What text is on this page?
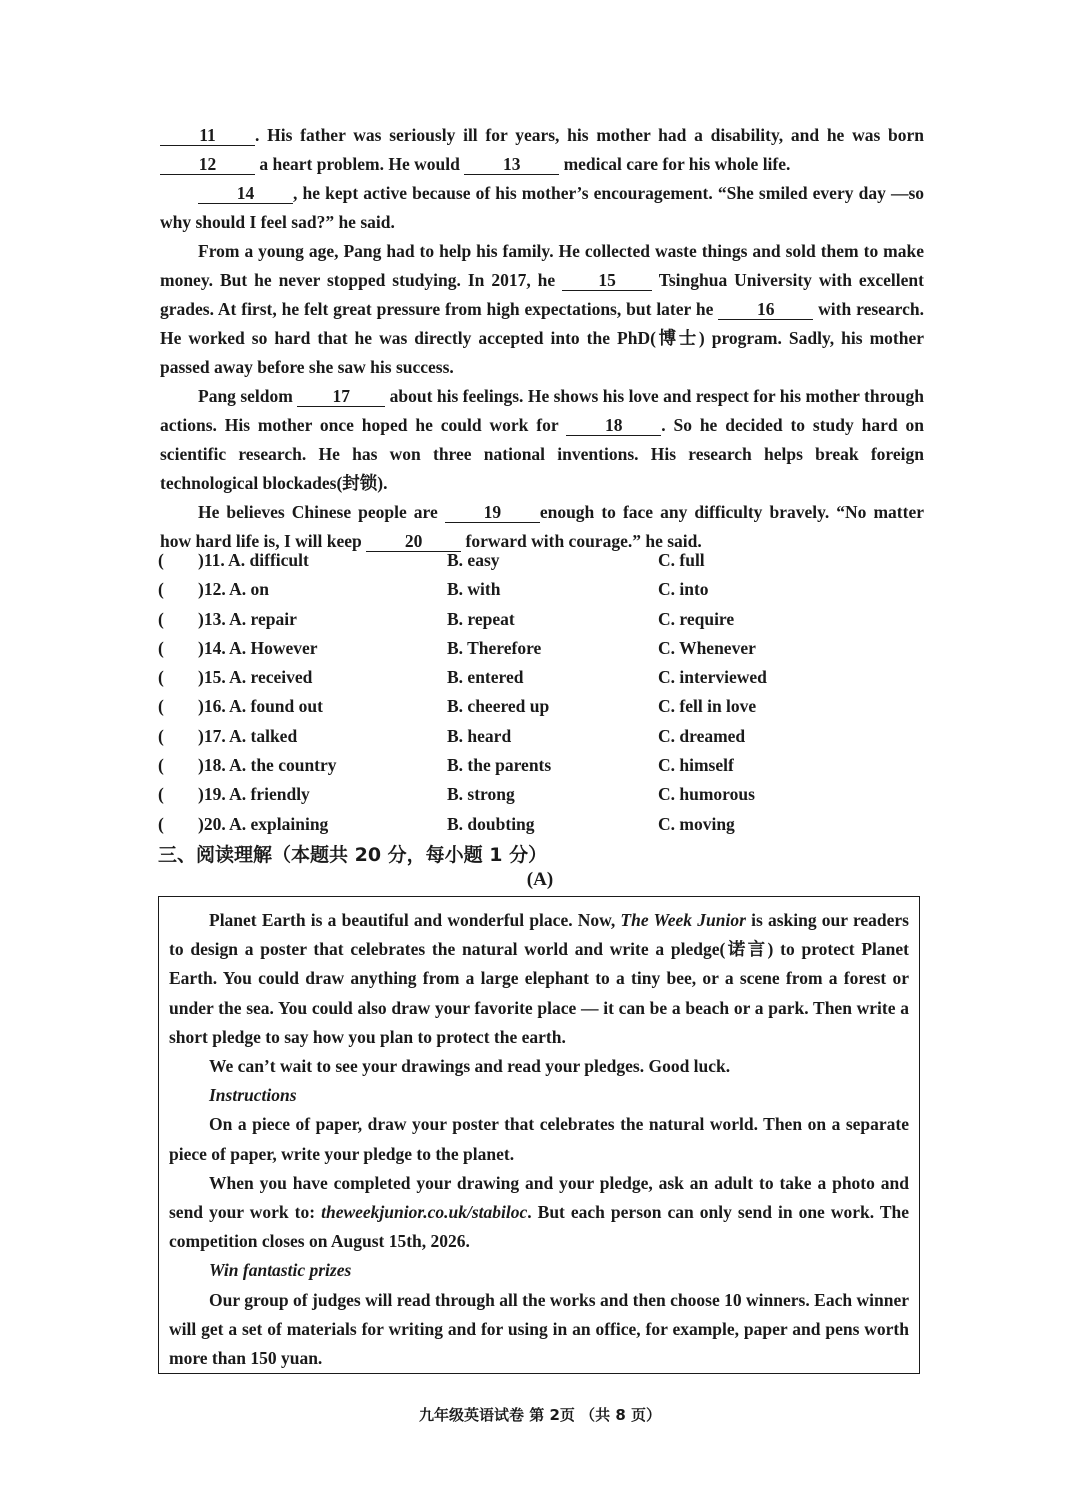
11 . His father was seriously ill for years, his mother had a disability, and he was born 12 a heart problem. He would 13 medical care for his whole life.

14 , he kept active because of his mother’s encouragement. “She smiled every day —so why should I feel sad?” he said.

From a young age, Pang had to help his family. He collected waste things and sold them to make money. But he never stopped studying. In 2017, he 15 Tsinghua University with excellent grades. At first, he felt great pressure from high expectations, but later he 16 with research. He worked so hard that he was directly accepted into the PhD(博士) program. Sadly, his mother passed away before she saw his success.

Pang seldom 17 about his feelings. He shows his love and respect for his mother through actions. His mother once hoped he could work for 18 . So he decided to study hard on scientific research. He has won three national inventions. His research helps break foreign technological blockades(封锁).

He believes Chinese people are 19 enough to face any difficulty bravely. “No matter how hard life is, I will keep 20 forward with courage.” he said.

( )11. A. difficult	B. easy	C. full
( )12. A. on	B. with	C. into
( )13. A. repair	B. repeat	C. require
( )14. A. However	B. Therefore	C. Whenever
( )15. A. received	B. entered	C. interviewed
( )16. A. found out	B. cheered up	C. fell in love
( )17. A. talked	B. heard	C. dreamed
( )18. A. the country	B. the parents	C. himself
( )19. A. friendly	B. strong	C. humorous
( )20. A. explaining	B. doubting	C. moving
三、阅读理解（本题共 20 分，每小题 1 分）
(A)

Planet Earth is a beautiful and wonderful place. Now, The Week Junior is asking our readers to design a poster that celebrates the natural world and write a pledge(诺言) to protect Planet Earth. You could draw anything from a large elephant to a tiny bee, or a scene from a forest or under the sea. You could also draw your favorite place — it can be a beach or a park. Then write a short pledge to say how you plan to protect the earth.

We can’t wait to see your drawings and read your pledges. Good luck.

Instructions

On a piece of paper, draw your poster that celebrates the natural world. Then on a separate piece of paper, write your pledge to the planet.

When you have completed your drawing and your pledge, ask an adult to take a photo and send your work to: theweekjunior.co.uk/stabiloc. But each person can only send in one work. The competition closes on August 15th, 2026.

Win fantastic prizes

Our group of judges will read through all the works and then choose 10 winners. Each winner will get a set of materials for writing and for using in an office, for example, paper and pens worth more than 150 yuan.

九年级英语试卷 第 2页 （共 8 页）
